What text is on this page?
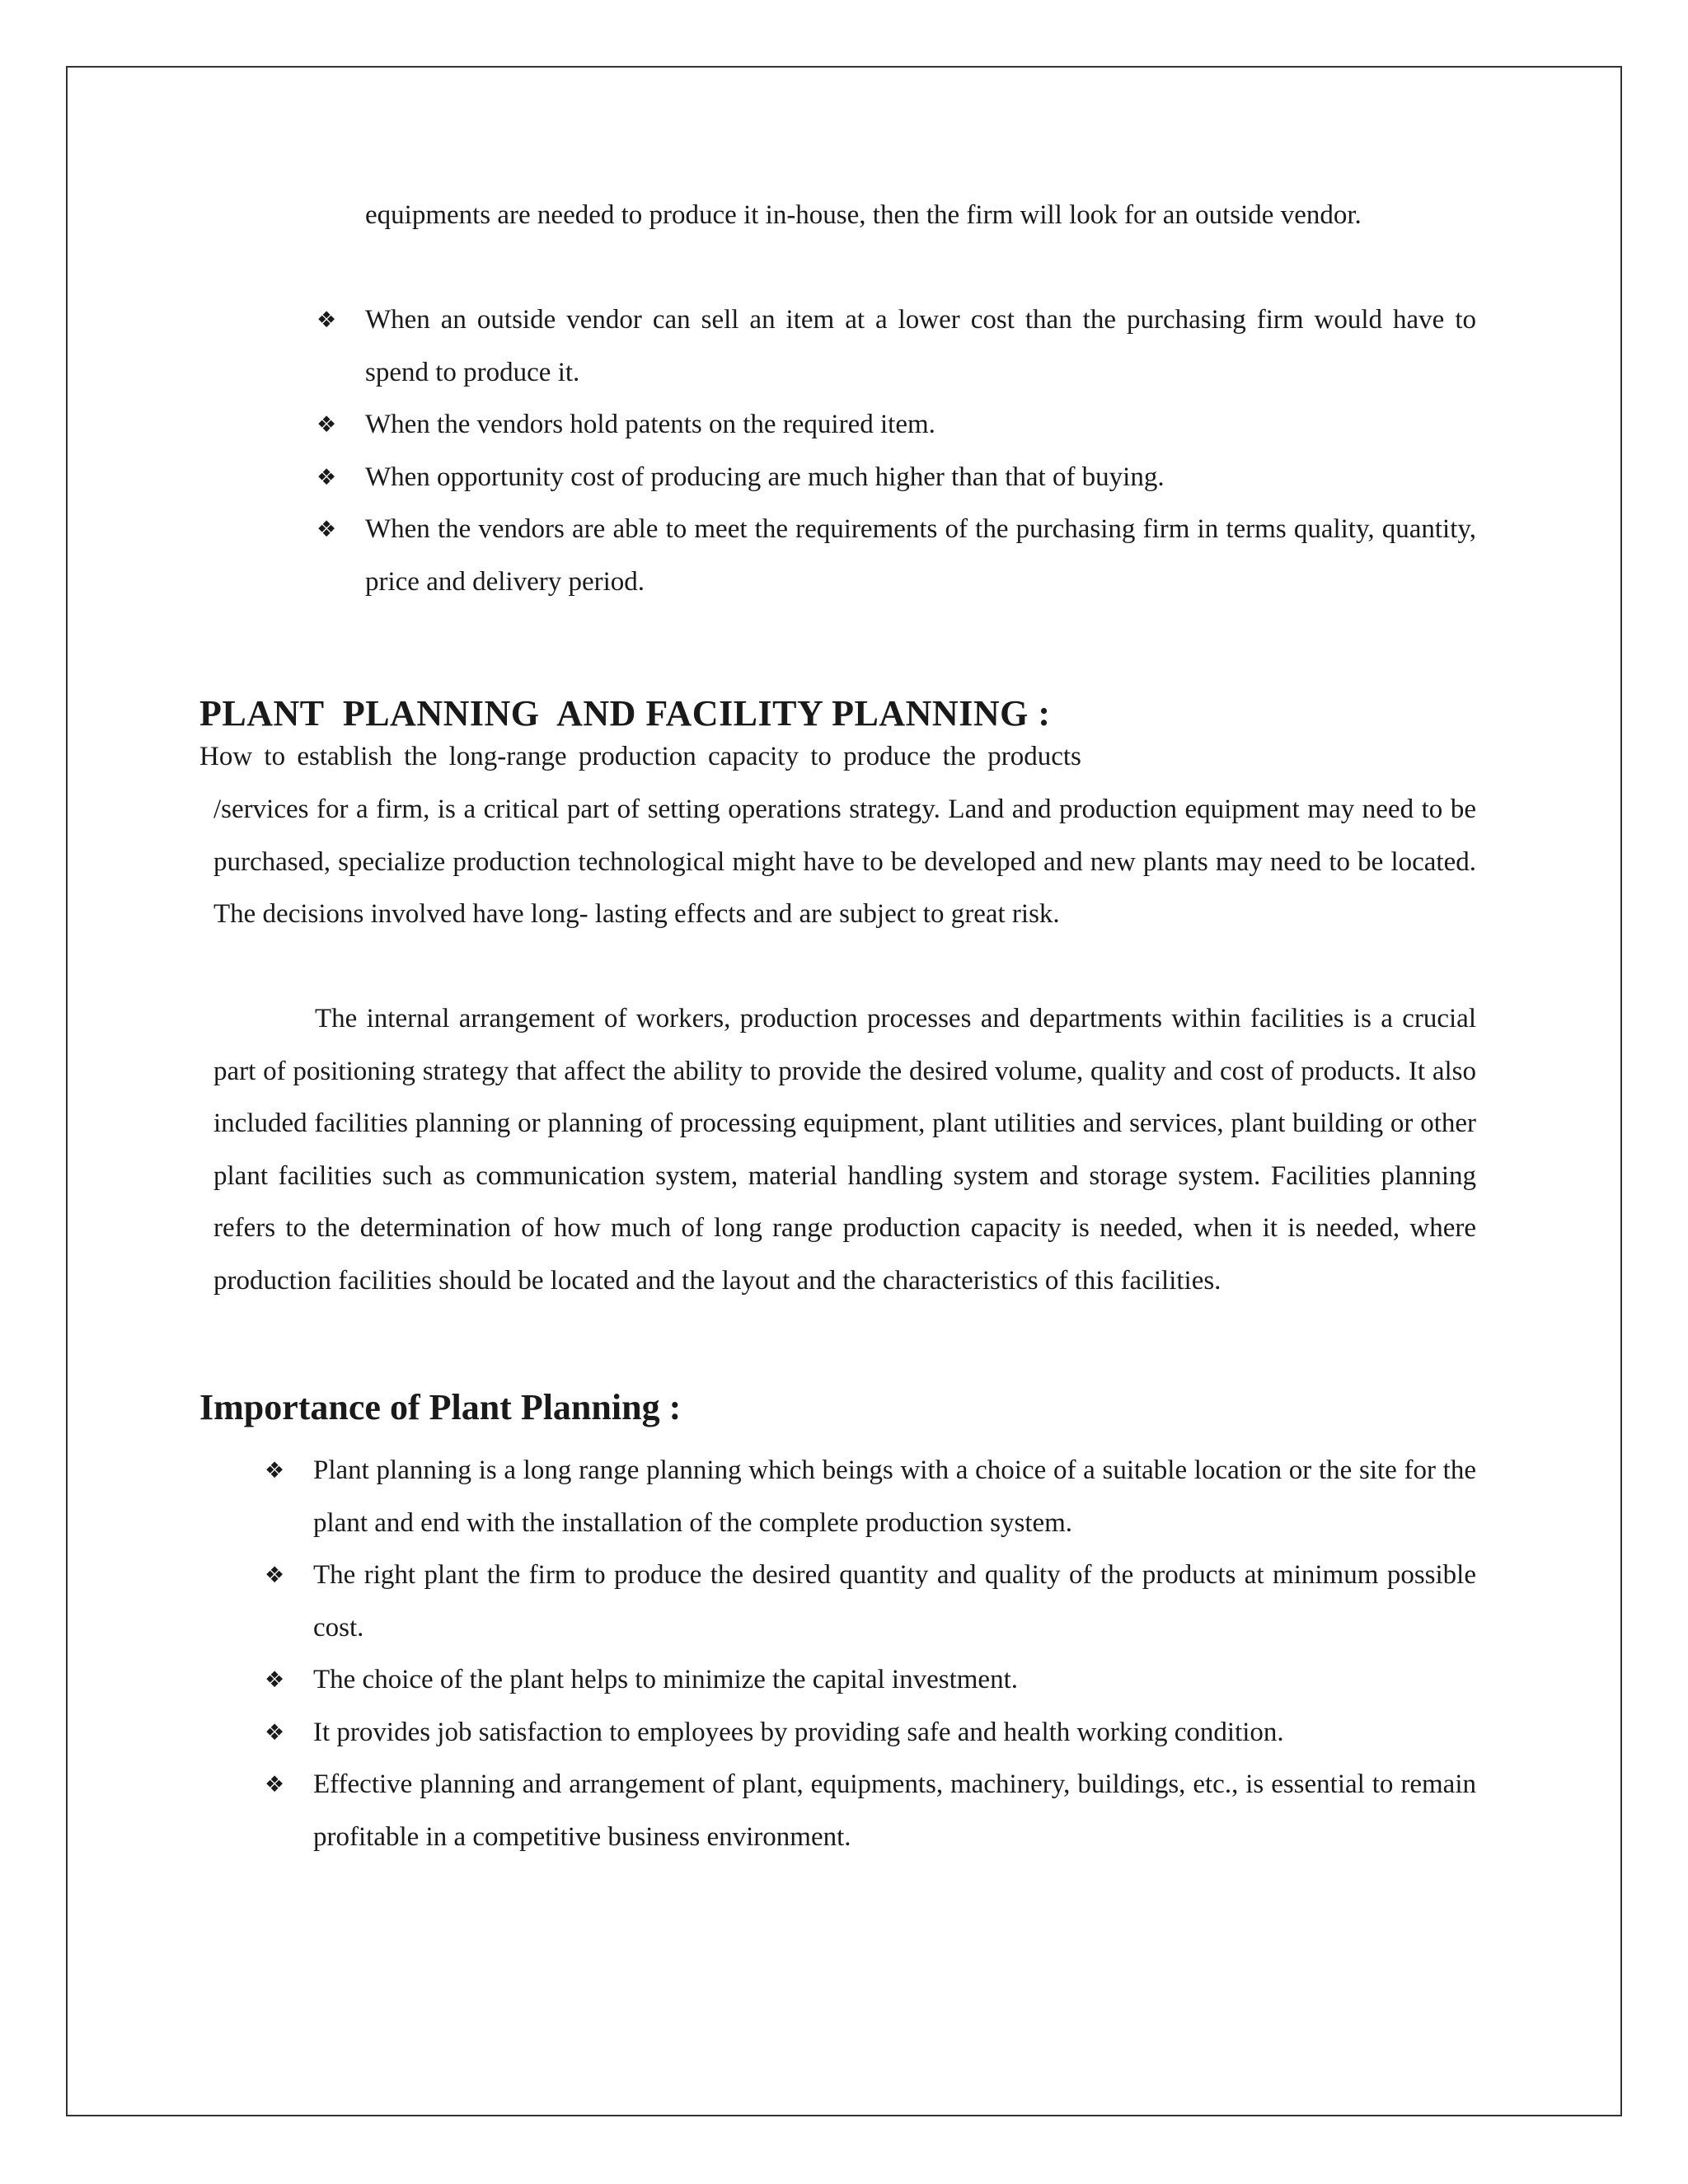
equipments are needed to produce it in-house, then the firm will look for an outside vendor.

❖ When an outside vendor can sell an item at a lower cost than the purchasing firm would have to spend to produce it.
❖ When the vendors hold patents on the required item.
❖ When opportunity cost of producing are much higher than that of buying.
❖ When the vendors are able to meet the requirements of the purchasing firm in terms quality, quantity, price and delivery period.
PLANT  PLANNING  AND FACILITY PLANNING :
How to establish the long-range production capacity to produce the products

/services for a firm, is a critical part of setting operations strategy. Land and production equipment may need to be purchased, specialize production technological might have to be developed and new plants may need to be located. The decisions involved have long- lasting effects and are subject to great risk.

The internal arrangement of workers, production processes and departments within facilities is a crucial part of positioning strategy that affect the ability to provide the desired volume, quality and cost of products. It also included facilities planning or planning of processing equipment, plant utilities and services, plant building or other plant facilities such as communication system, material handling system and storage system. Facilities planning refers to the determination of how much of long range production capacity is needed, when it is needed, where production facilities should be located and the layout and the characteristics of this facilities.

Importance of Plant Planning :
❖ Plant planning is a long range planning which beings with a choice of a suitable location or the site for the plant and end with the installation of the complete production system.
❖ The right plant the firm to produce the desired quantity and quality of the products at minimum possible cost.
❖ The choice of the plant helps to minimize the capital investment.
❖ It provides job satisfaction to employees by providing safe and health working condition.
❖ Effective planning and arrangement of plant, equipments, machinery, buildings, etc., is essential to remain profitable in a competitive business environment.
